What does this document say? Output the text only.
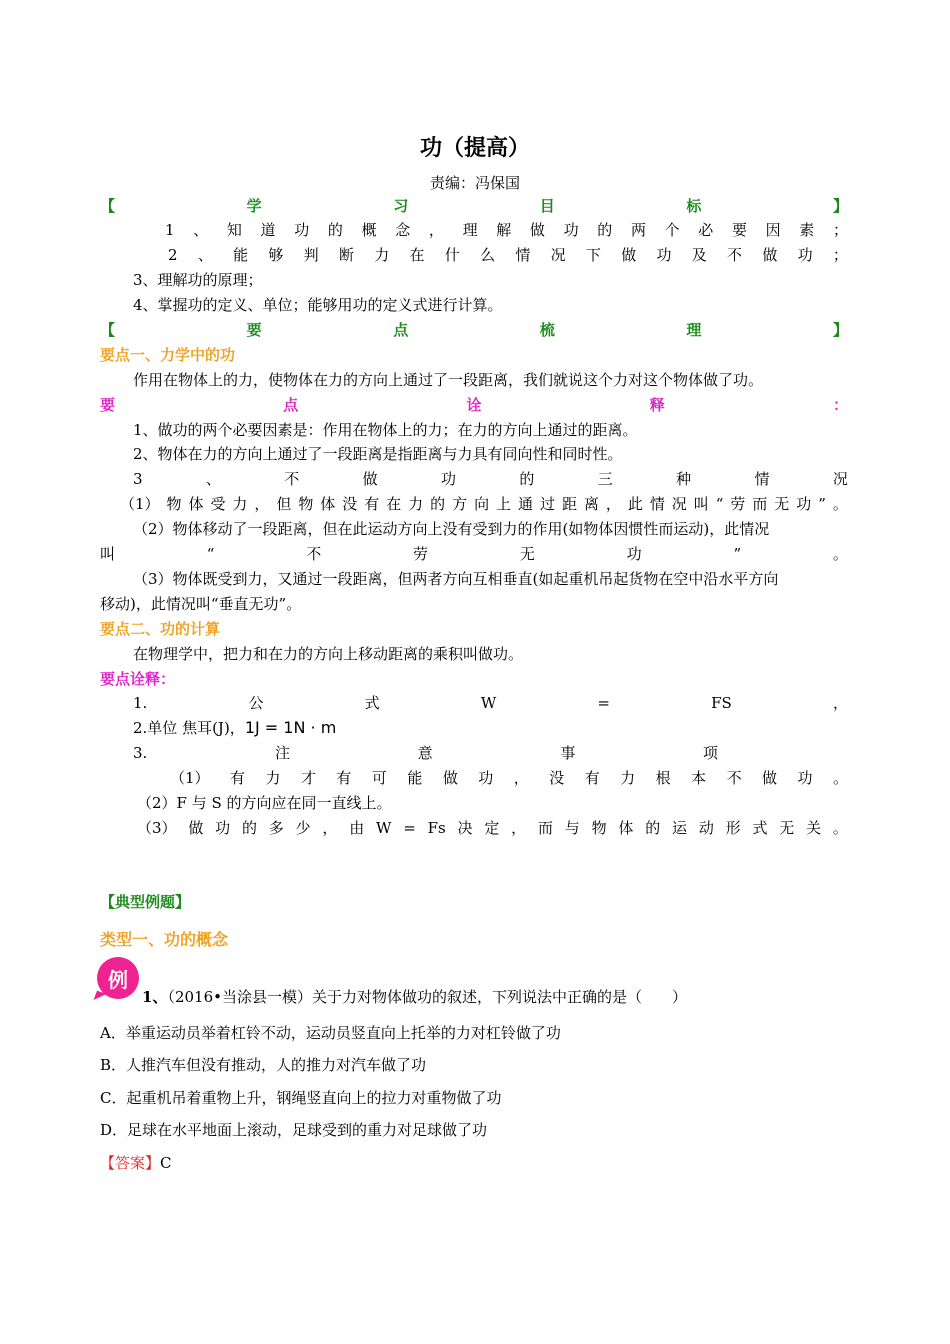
功（提高）
责编：冯保国
【	学	习	目	标	】
1 、 知 道 功 的 概 念 ， 理 解 做 功 的 两 个 必 要 因 素 ；
2 、 能 够 判 断 力 在 什 么 情 况 下 做 功 及 不 做 功 ；
3、理解功的原理；
4、掌握功的定义、单位；能够用功的定义式进行计算。
【	要	点	梳	理	】
要点一、力学中的功
作用在物体上的力，使物体在力的方向上通过了一段距离，我们就说这个力对这个物体做了功。
要	点	诠	释	：
1、做功的两个必要因素是：作用在物体上的力；在力的方向上通过的距离。
2、物体在力的方向上通过了一段距离是指距离与力具有同向性和同时性。
3	、	不	做	功	的	三	种	情	况
（1） 物 体 受 力 ， 但 物 体 没 有 在 力 的 方 向 上 通 过 距 离 ， 此 情 况 叫 “ 劳 而 无 功 ” 。
（2）物体移动了一段距离，但在此运动方向上没有受到力的作用(如物体因惯性而运动)，此情况
叫	“	不	劳	无	功	”	。
（3）物体既受到力，又通过一段距离，但两者方向互相垂直(如起重机吊起货物在空中沿水平方向
移动)，此情况叫“垂直无功”。
要点二、功的计算
在物理学中，把力和在力的方向上移动距离的乘积叫做功。
要点诠释：
1.	公	式	W	=	FS	，
2.单位 焦耳(J)，1J = 1N · m
3.	注	意	事	项
（1） 有 力 才 有 可 能 做 功 ， 没 有 力 根 本 不 做 功 。
（2）F 与 S 的方向应在同一直线上。
（3） 做 功 的 多 少 ， 由 W = Fs 决 定 ， 而 与 物 体 的 运 动 形 式 无 关 。
【典型例题】
类型一、功的概念
例
1、（2016•当涂县一模）关于力对物体做功的叙述，下列说法中正确的是（　　）
A．举重运动员举着杠铃不动，运动员竖直向上托举的力对杠铃做了功
B．人推汽车但没有推动，人的推力对汽车做了功
C．起重机吊着重物上升，钢绳竖直向上的拉力对重物做了功
D．足球在水平地面上滚动，足球受到的重力对足球做了功
【答案】C
